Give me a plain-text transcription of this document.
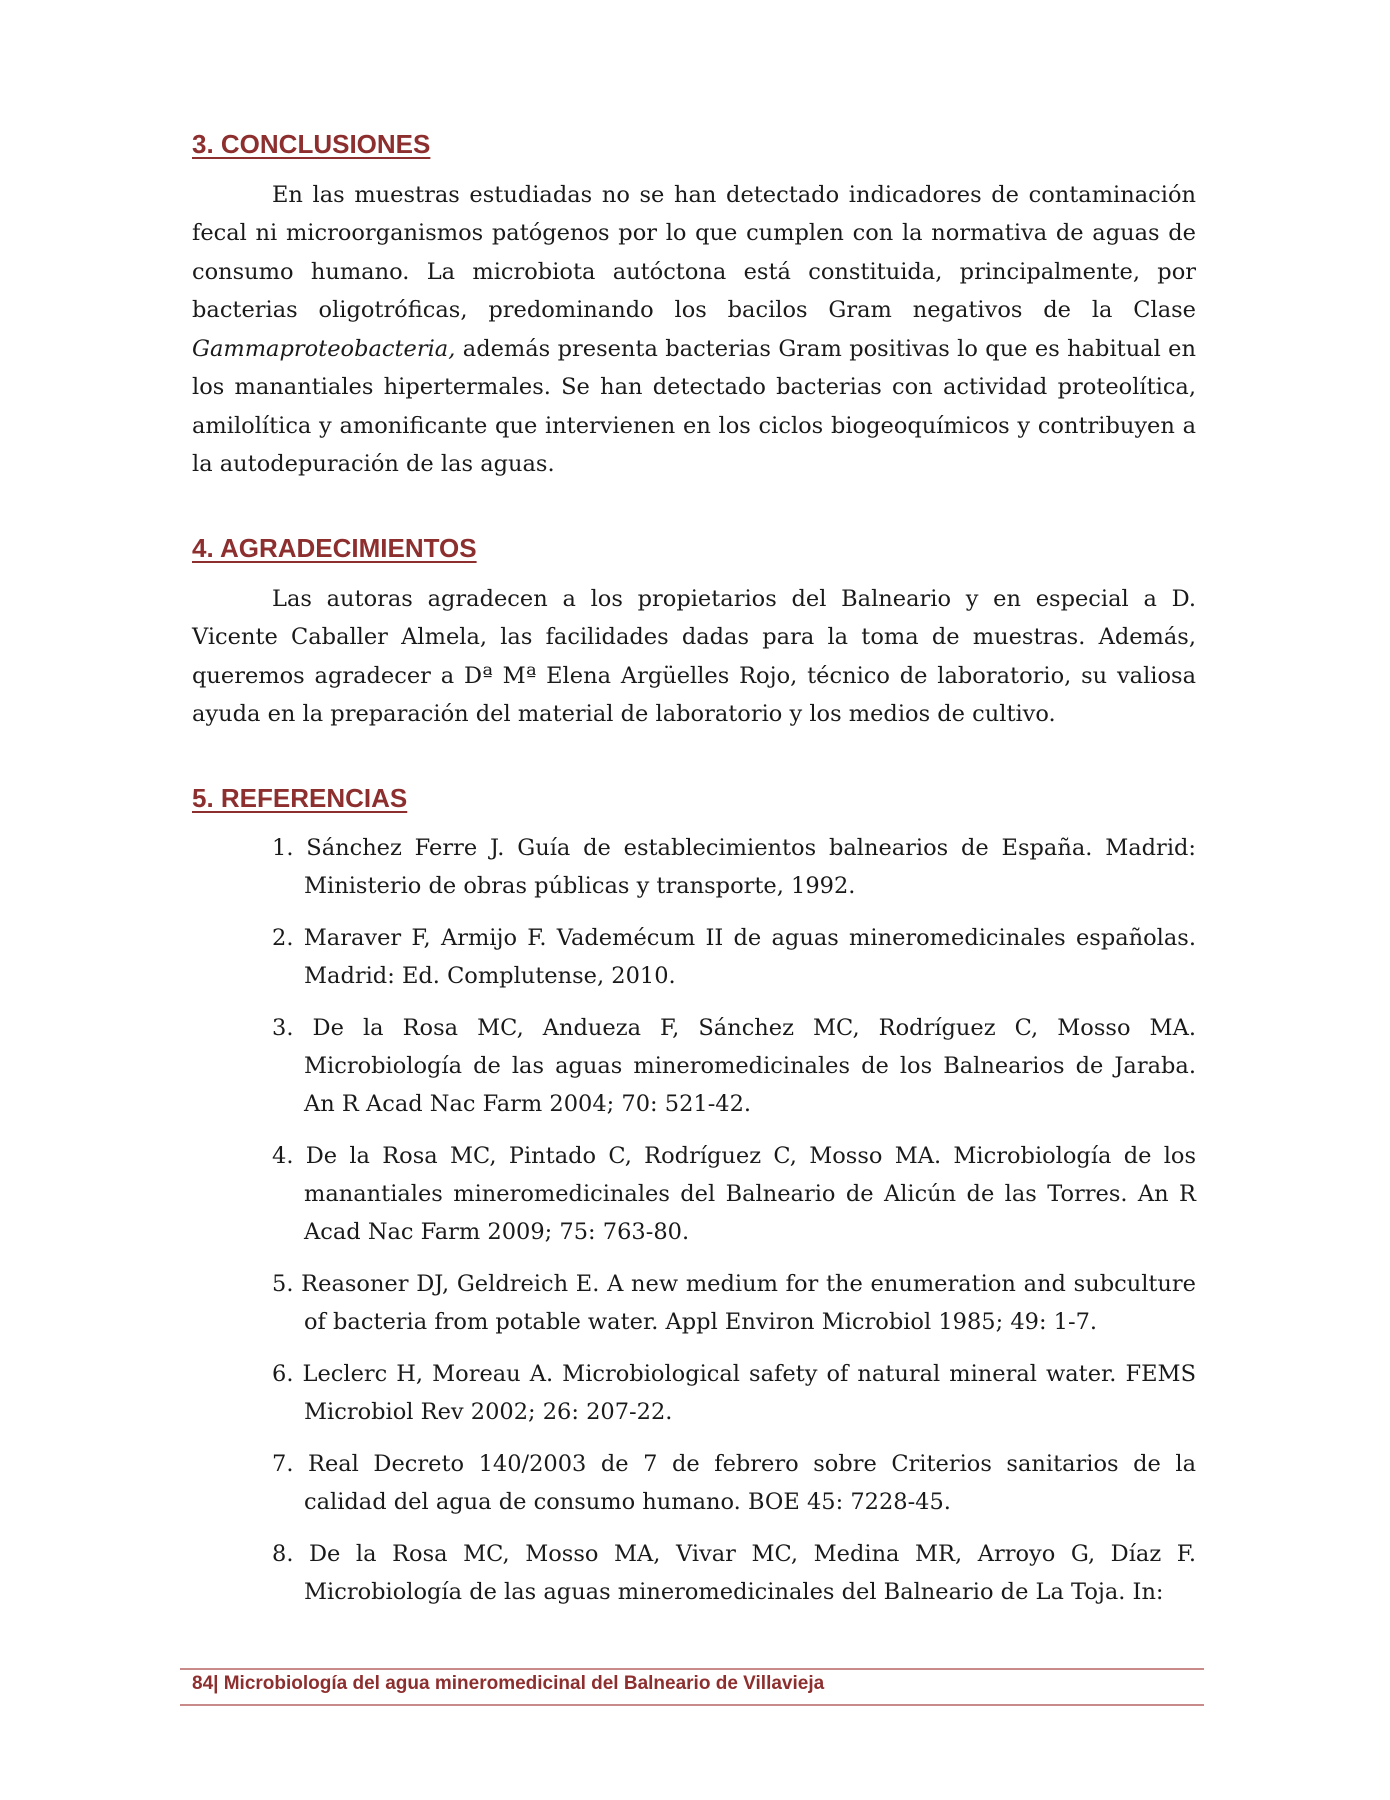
3. CONCLUSIONES

En las muestras estudiadas no se han detectado indicadores de contaminación fecal ni microorganismos patógenos por lo que cumplen con la normativa de aguas de consumo humano. La microbiota autóctona está constituida, principalmente, por bacterias oligotróficas, predominando los bacilos Gram negativos de la Clase Gammaproteobacteria, además presenta bacterias Gram positivas lo que es habitual en los manantiales hipertermales. Se han detectado bacterias con actividad proteolítica, amilolítica y amonificante que intervienen en los ciclos biogeoquímicos y contribuyen a la autodepuración de las aguas.

4. AGRADECIMIENTOS

Las autoras agradecen a los propietarios del Balneario y en especial a D. Vicente Caballer Almela, las facilidades dadas para la toma de muestras. Además, queremos agradecer a Dª Mª Elena Argüelles Rojo, técnico de laboratorio, su valiosa ayuda en la preparación del material de laboratorio y los medios de cultivo.

5. REFERENCIAS
1. Sánchez Ferre J. Guía de establecimientos balnearios de España. Madrid: Ministerio de obras públicas y transporte, 1992.
2. Maraver F, Armijo F. Vademécum II de aguas mineromedicinales españolas. Madrid: Ed. Complutense, 2010.
3. De la Rosa MC, Andueza F, Sánchez MC, Rodríguez C, Mosso MA. Microbiología de las aguas mineromedicinales de los Balnearios de Jaraba. An R Acad Nac Farm 2004; 70: 521-42.
4. De la Rosa MC, Pintado C, Rodríguez C, Mosso MA. Microbiología de los manantiales mineromedicinales del Balneario de Alicún de las Torres. An R Acad Nac Farm 2009; 75: 763-80.
5. Reasoner DJ, Geldreich E. A new medium for the enumeration and subculture of bacteria from potable water. Appl Environ Microbiol 1985; 49: 1-7.
6. Leclerc H, Moreau A. Microbiological safety of natural mineral water. FEMS Microbiol Rev 2002; 26: 207-22.
7. Real Decreto 140/2003 de 7 de febrero sobre Criterios sanitarios de la calidad del agua de consumo humano. BOE 45: 7228-45.
8. De la Rosa MC, Mosso MA, Vivar MC, Medina MR, Arroyo G, Díaz F. Microbiología de las aguas mineromedicinales del Balneario de La Toja. In:
84| Microbiología del agua mineromedicinal del Balneario de Villavieja
